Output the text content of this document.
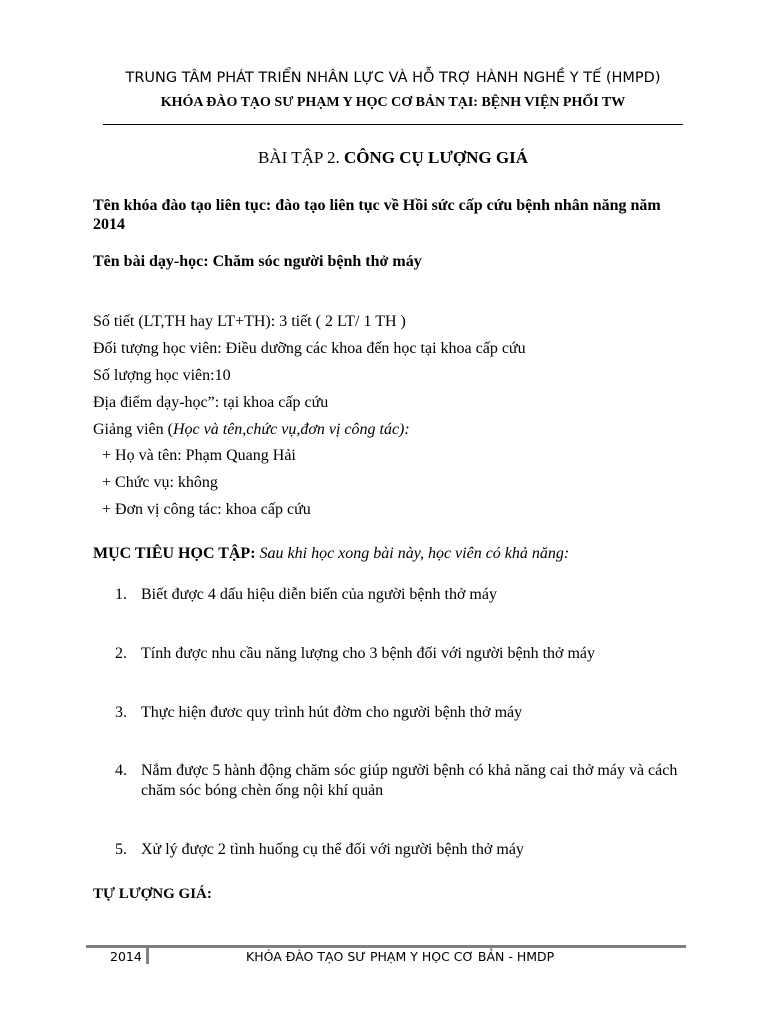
TRUNG TÂM PHÁT TRIỂN NHÂN LỰC VÀ HỖ TRỢ HÀNH NGHỀ Y TẾ (HMPD)
KHÓA ĐÀO TẠO SƯ PHẠM Y HỌC CƠ BẢN TẠI: BỆNH VIỆN PHỔI TW
BÀI TẬP 2. CÔNG CỤ LƯỢNG GIÁ
Tên khóa đào tạo liên tục: đào tạo liên tục về Hồi sức cấp cứu bệnh nhân năng năm 2014
Tên bài dạy-học: Chăm sóc người bệnh thở máy
Số tiết (LT,TH hay LT+TH): 3 tiết ( 2 LT/ 1 TH )
Đối tượng học viên: Điều dưỡng các khoa đến học tại khoa cấp cứu
Số lượng học viên:10
Địa điểm dạy-học”: tại khoa cấp cứu
Giảng viên (Học và tên,chức vụ,đơn vị công tác):
+ Họ và tên: Phạm Quang Hải
+ Chức vụ: không
+ Đơn vị công tác: khoa cấp cứu
MỤC TIÊU HỌC TẬP: Sau khi học xong bài này, học viên có khả năng:
1. Biết được 4 dấu hiệu diễn biến của người bệnh thở máy
2. Tính được nhu cầu năng lượng cho 3 bệnh đối với người bệnh thở máy
3. Thực hiện đươc quy trình hút đờm cho người bệnh thở máy
4. Nắm được 5 hành động chăm sóc giúp người bệnh có khả năng cai thở máy và cách chăm sóc bóng chèn ống nội khí quản
5. Xử lý được 2 tình huống cụ thể đối với người bệnh thở máy
TỰ LƯỢNG GIÁ:
2014	KHÓA ĐÀO TẠO SƯ PHẠM Y HỌC CƠ BẢN - HMDP
